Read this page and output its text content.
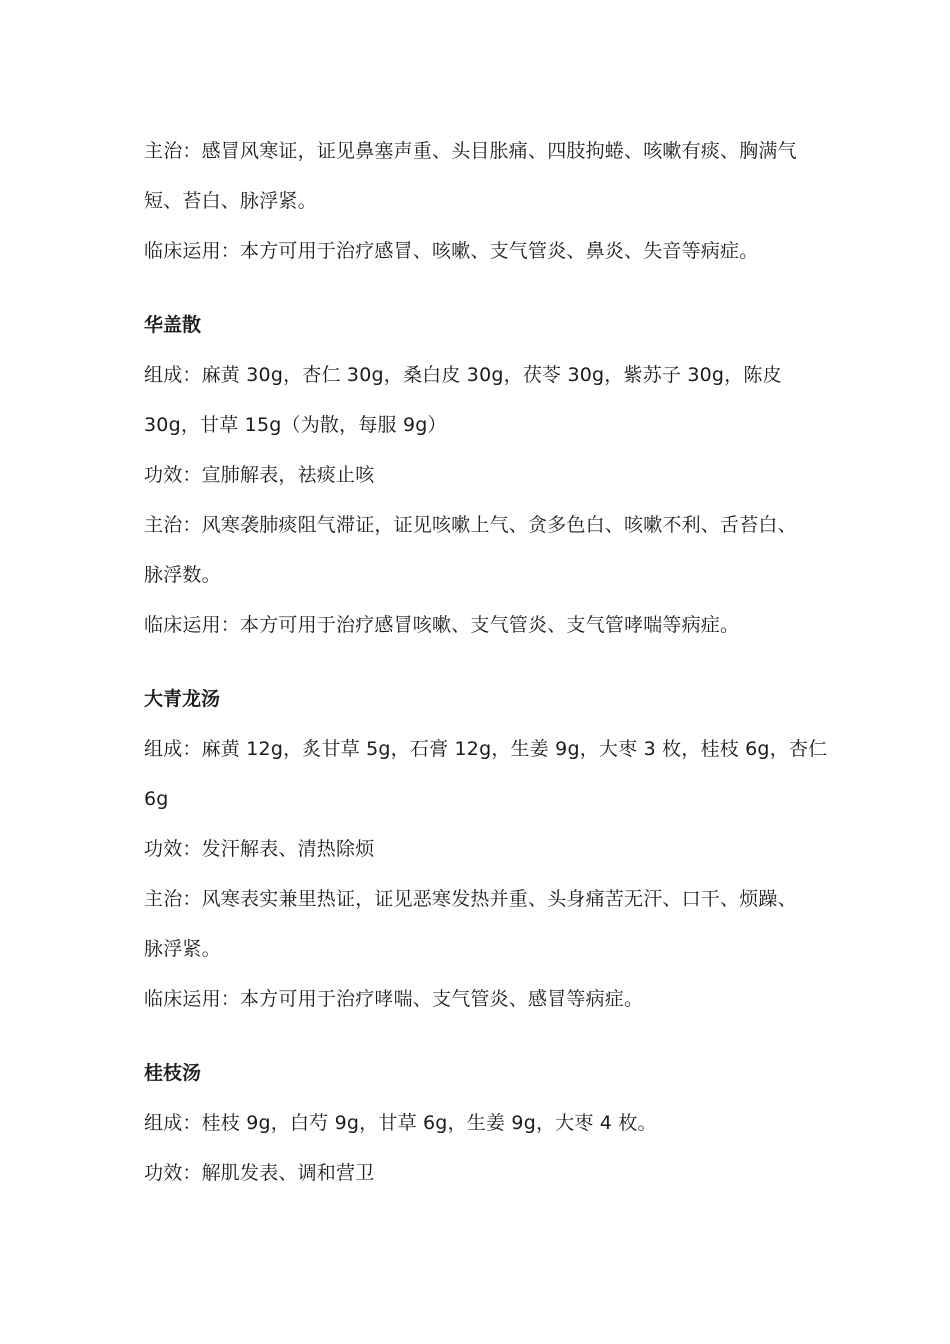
主治：感冒风寒证，证见鼻塞声重、头目胀痛、四肢拘蜷、咳嗽有痰、胸满气
短、苔白、脉浮紧。
临床运用：本方可用于治疗感冒、咳嗽、支气管炎、鼻炎、失音等病症。
华盖散
组成：麻黄 30g，杏仁 30g，桑白皮 30g，茯苓 30g，紫苏子 30g，陈皮
30g，甘草 15g（为散，每服 9g）
功效：宣肺解表，祛痰止咳
主治：风寒袭肺痰阻气滞证，证见咳嗽上气、贪多色白、咳嗽不利、舌苔白、
脉浮数。
临床运用：本方可用于治疗感冒咳嗽、支气管炎、支气管哮喘等病症。
大青龙汤
组成：麻黄 12g，炙甘草 5g，石膏 12g，生姜 9g，大枣 3 枚，桂枝 6g，杏仁
6g
功效：发汗解表、清热除烦
主治：风寒表实兼里热证，证见恶寒发热并重、头身痛苦无汗、口干、烦躁、
脉浮紧。
临床运用：本方可用于治疗哮喘、支气管炎、感冒等病症。
桂枝汤
组成：桂枝 9g，白芍 9g，甘草 6g，生姜 9g，大枣 4 枚。
功效：解肌发表、调和营卫
